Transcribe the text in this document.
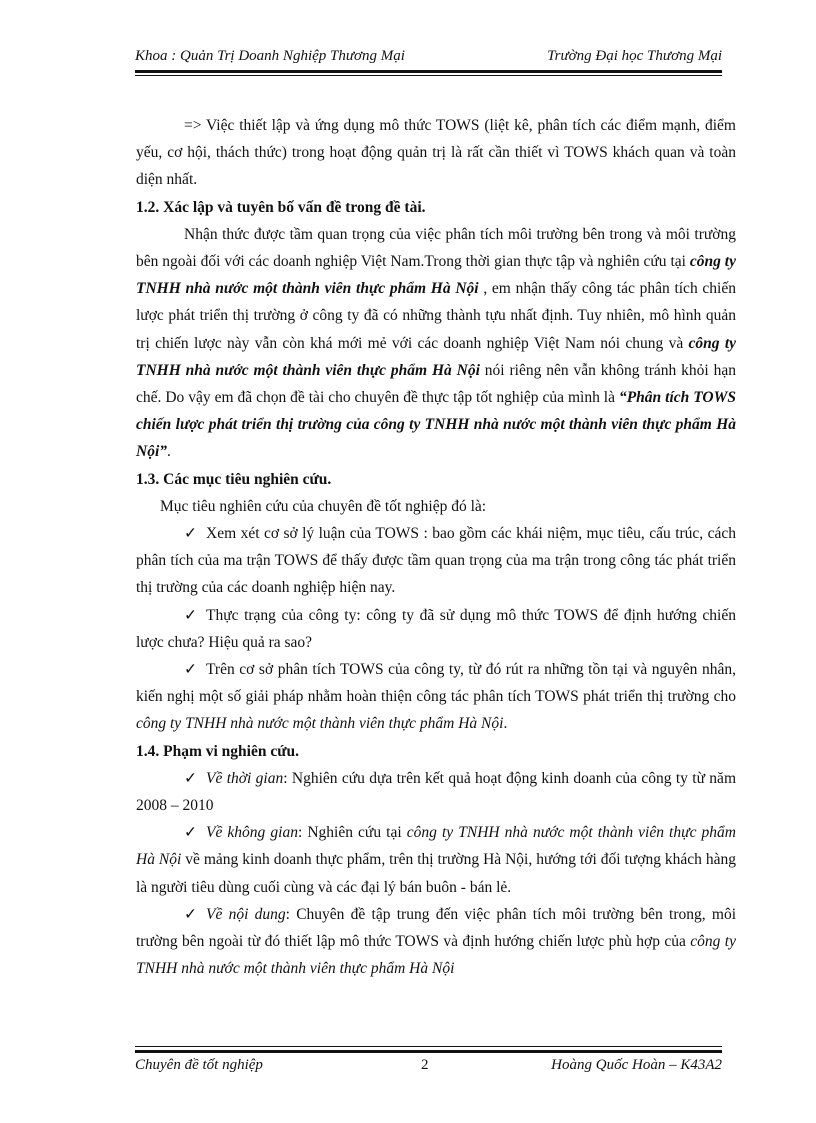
Khoa : Quản Trị Doanh Nghiệp Thương Mại	Trường Đại học Thương Mại

=> Việc thiết lập và ứng dụng mô thức TOWS (liệt kê, phân tích các điểm mạnh, điểm yếu, cơ hội, thách thức) trong hoạt động quản trị là rất cần thiết vì TOWS khách quan và toàn diện nhất.

1.2. Xác lập và tuyên bố vấn đề trong đề tài.

Nhận thức được tầm quan trọng của việc phân tích môi trường bên trong và môi trường bên ngoài đối với các doanh nghiệp Việt Nam.Trong thời gian thực tập và nghiên cứu tại công ty TNHH nhà nước một thành viên thực phẩm Hà Nội , em nhận thấy công tác phân tích chiến lược phát triển thị trường ở công ty đã có những thành tựu nhất định. Tuy nhiên, mô hình quản trị chiến lược này vẫn còn khá mới mẻ với các doanh nghiệp Việt Nam nói chung và công ty TNHH nhà nước một thành viên thực phẩm Hà Nội nói riêng nên vẫn không tránh khỏi hạn chế. Do vậy em đã chọn đề tài cho chuyên đề thực tập tốt nghiệp của mình là “Phân tích TOWS chiến lược phát triển thị trường của công ty TNHH nhà nước một thành viên thực phẩm Hà Nội”.

1.3. Các mục tiêu nghiên cứu.

Mục tiêu nghiên cứu của chuyên đề tốt nghiệp đó là:

✓ Xem xét cơ sở lý luận của TOWS : bao gồm các khái niệm, mục tiêu, cấu trúc, cách phân tích của ma trận TOWS để thấy được tầm quan trọng của ma trận trong công tác phát triển thị trường của các doanh nghiệp hiện nay.

✓ Thực trạng của công ty: công ty đã sử dụng mô thức TOWS để định hướng chiến lược chưa? Hiệu quả ra sao?

✓ Trên cơ sở phân tích TOWS của công ty, từ đó rút ra những tồn tại và nguyên nhân, kiến nghị một số giải pháp nhằm hoàn thiện công tác phân tích TOWS phát triển thị trường cho công ty TNHH nhà nước một thành viên thực phẩm Hà Nội.

1.4. Phạm vi nghiên cứu.

✓ Về thời gian: Nghiên cứu dựa trên kết quả hoạt động kinh doanh của công ty từ năm 2008 – 2010

✓ Về không gian: Nghiên cứu tại công ty TNHH nhà nước một thành viên thực phẩm Hà Nội về mảng kinh doanh thực phẩm, trên thị trường Hà Nội, hướng tới đối tượng khách hàng là người tiêu dùng cuối cùng và các đại lý bán buôn - bán lẻ.

✓ Về nội dung: Chuyên đề tập trung đến việc phân tích môi trường bên trong, môi trường bên ngoài từ đó thiết lập mô thức TOWS và định hướng chiến lược phù hợp của công ty TNHH nhà nước một thành viên thực phẩm Hà Nội

Chuyên đề tốt nghiệp	2	Hoàng Quốc Hoàn – K43A2
